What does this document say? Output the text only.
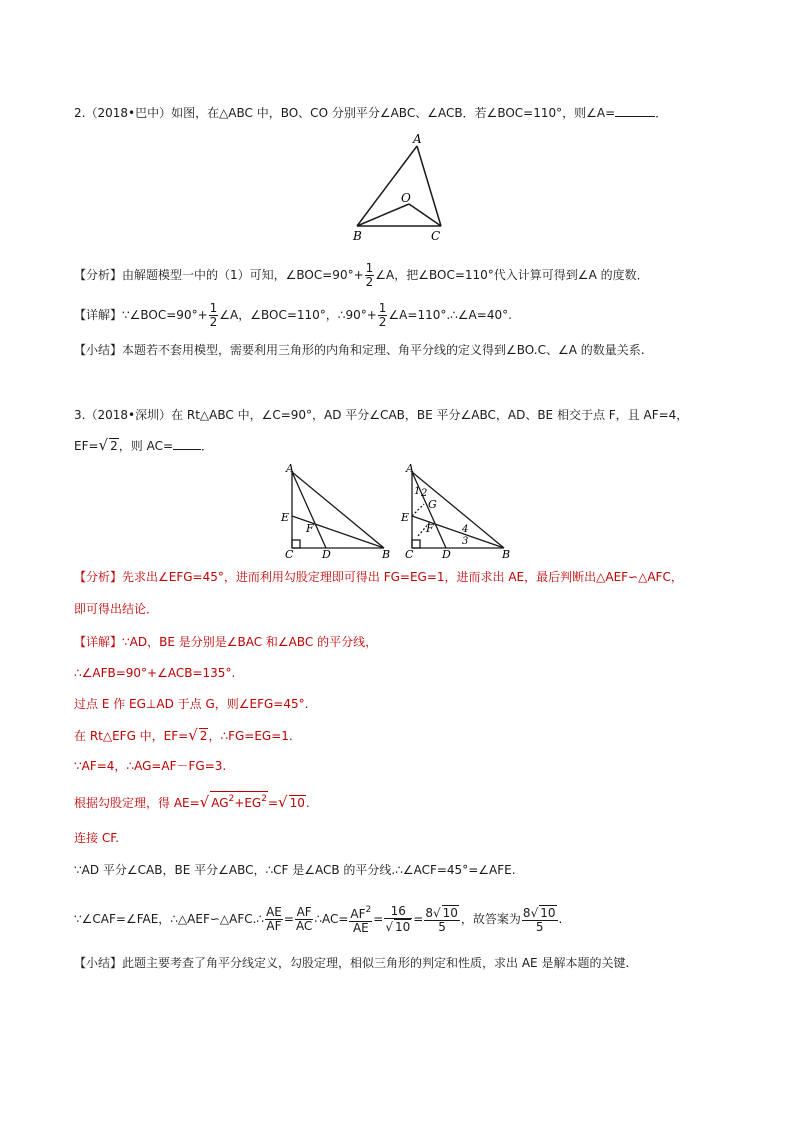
2.（2018•巴中）如图，在△ABC 中，BO、CO 分别平分∠ABC、∠ACB．若∠BOC=110°，则∠A=	．
A
O
B	C
【分析】由解题模型一中的（1）可知，∠BOC=90°+ $\frac{1}{2}$ ∠A，把∠BOC=110°代入计算可得到∠A 的度数．
【详解】∵∠BOC=90°+ $\frac{1}{2}$ ∠A，∠BOC=110°，∴90°+ $\frac{1}{2}$ ∠A=110°.∴∠A=40°.
【小结】本题若不套用模型，需要利用三角形的内角和定理、角平分线的定义得到∠BO.C、∠A 的数量关系.
3.（2018•深圳）在 Rt△ABC 中，∠C=90°，AD 平分∠CAB，BE 平分∠ABC，AD、BE 相交于点 F，且 AF=4，
EF=√ 2，则 AC= ．
A
E
F
C	D	B
A
1 2
G
E
F	4
3
C	D	B
【分析】先求出∠EFG=45°，进而利用勾股定理即可得出 FG=EG=1，进而求出 AE，最后判断出△AEF∽△AFC，
即可得出结论．
【详解】∵AD，BE 是分别是∠BAC 和∠ABC 的平分线，
∴∠AFB=90°+∠ACB=135°.
过点 E 作 EG⊥AD 于点 G，则∠EFG=45°.
在 Rt△EFG 中，EF=√ 2，∴FG=EG=1.
∵AF=4，∴AG=AF－FG=3.
根据勾股定理，得 AE=√ $AG^2+EG^2=√$ 10.
连接 CF.
∵AD 平分∠CAB，BE 平分∠ABC，∴CF 是∠ACB 的平分线.∴∠ACF=45°=∠AFE.
∵∠CAF=∠FAE，∴△AEF∽△AFC.∴ $\frac{AE}{AF} = \frac{AF}{AC}$ ∴AC= $\frac{AF^2}{AE} = \frac{16}{√ 10} = \frac{8√ 10}{5}$ ，故答案为 $\frac{8√ 10}{5}$ .
【小结】此题主要考查了角平分线定义，勾股定理，相似三角形的判定和性质，求出 AE 是解本题的关键.
